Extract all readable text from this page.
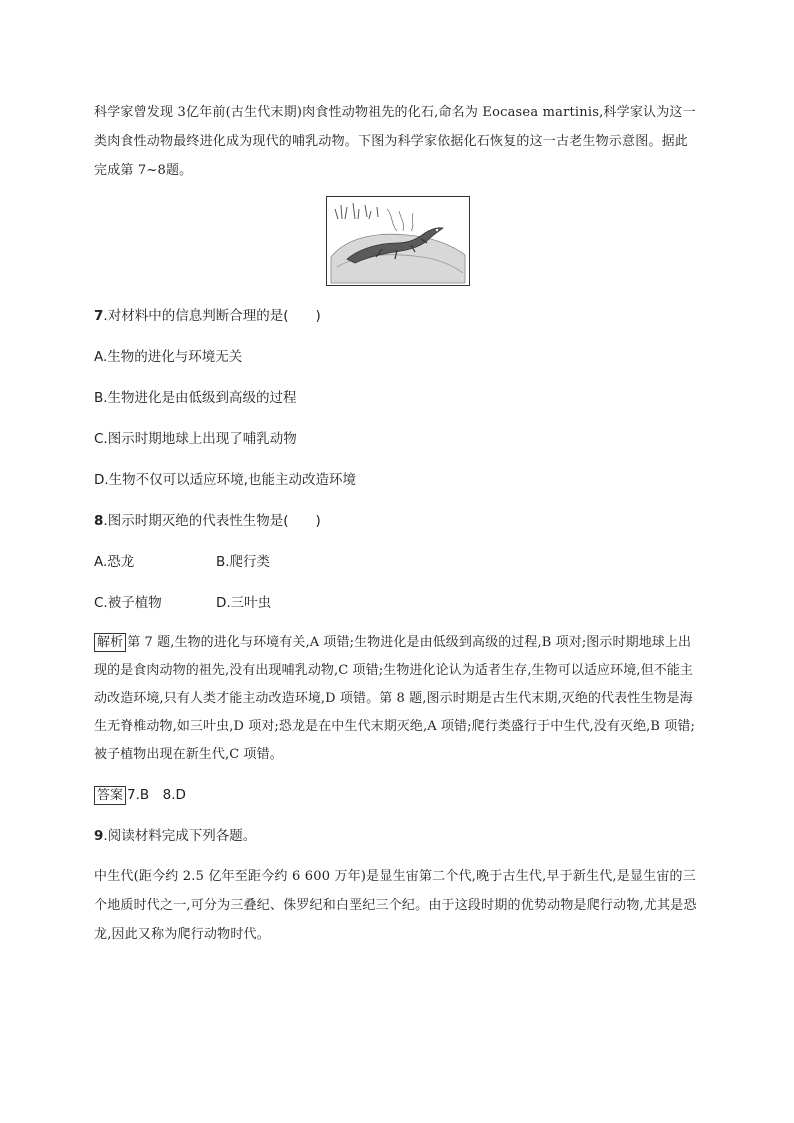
科学家曾发现 3亿年前(古生代末期)肉食性动物祖先的化石,命名为 Eocasea martinis,科学家认为这一类肉食性动物最终进化成为现代的哺乳动物。下图为科学家依据化石恢复的这一古老生物示意图。据此完成第 7~8题。
7.对材料中的信息判断合理的是(　　)
A.生物的进化与环境无关
B.生物进化是由低级到高级的过程
C.图示时期地球上出现了哺乳动物
D.生物不仅可以适应环境,也能主动改造环境
8.图示时期灭绝的代表性生物是(　　)
A.恐龙	B.爬行类
C.被子植物	D.三叶虫
解析 第 7 题,生物的进化与环境有关,A 项错;生物进化是由低级到高级的过程,B 项对;图示时期地球上出现的是食肉动物的祖先,没有出现哺乳动物,C 项错;生物进化论认为适者生存,生物可以适应环境,但不能主动改造环境,只有人类才能主动改造环境,D 项错。第 8 题,图示时期是古生代末期,灭绝的代表性生物是海生无脊椎动物,如三叶虫,D 项对;恐龙是在中生代末期灭绝,A 项错;爬行类盛行于中生代,没有灭绝,B 项错;被子植物出现在新生代,C 项错。
答案 7.B　8.D
9.阅读材料完成下列各题。
中生代(距今约 2.5 亿年至距今约 6 600 万年)是显生宙第二个代,晚于古生代,早于新生代,是显生宙的三个地质时代之一,可分为三叠纪、侏罗纪和白垩纪三个纪。由于这段时期的优势动物是爬行动物,尤其是恐龙,因此又称为爬行动物时代。
